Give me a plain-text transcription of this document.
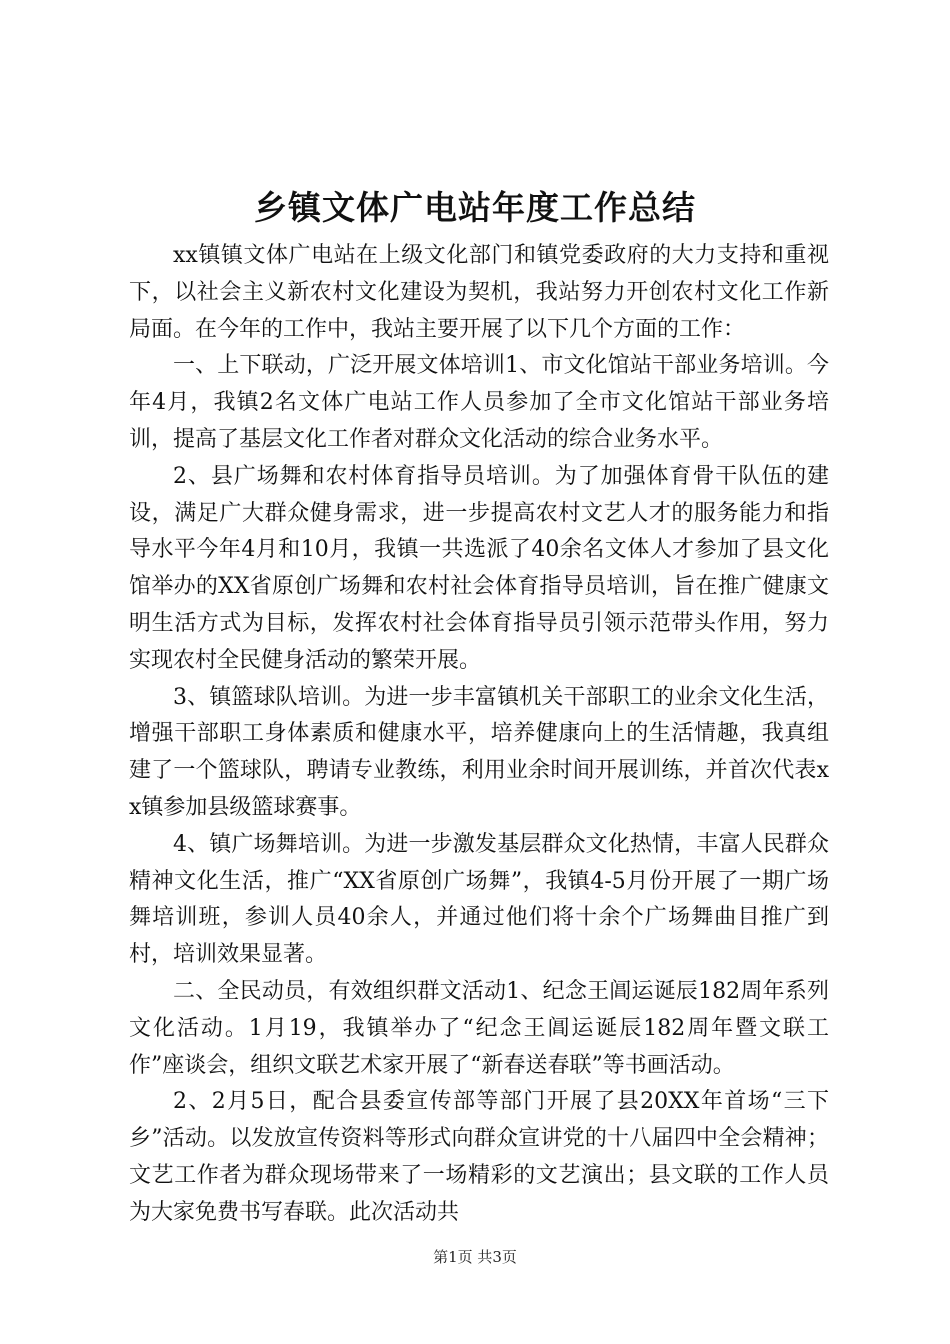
乡镇文体广电站年度工作总结

xx镇镇文体广电站在上级文化部门和镇党委政府的大力支持和重视下，以社会主义新农村文化建设为契机，我站努力开创农村文化工作新局面。在今年的工作中，我站主要开展了以下几个方面的工作：

一、上下联动，广泛开展文体培训1、市文化馆站干部业务培训。今年4月，我镇2名文体广电站工作人员参加了全市文化馆站干部业务培训，提高了基层文化工作者对群众文化活动的综合业务水平。

2、县广场舞和农村体育指导员培训。为了加强体育骨干队伍的建设，满足广大群众健身需求，进一步提高农村文艺人才的服务能力和指导水平今年4月和10月，我镇一共选派了40余名文体人才参加了县文化馆举办的XX省原创广场舞和农村社会体育指导员培训，旨在推广健康文明生活方式为目标，发挥农村社会体育指导员引领示范带头作用，努力实现农村全民健身活动的繁荣开展。

3、镇篮球队培训。为进一步丰富镇机关干部职工的业余文化生活，增强干部职工身体素质和健康水平，培养健康向上的生活情趣，我真组建了一个篮球队，聘请专业教练，利用业余时间开展训练，并首次代表xx镇参加县级篮球赛事。

4、镇广场舞培训。为进一步激发基层群众文化热情，丰富人民群众精神文化生活，推广“XX省原创广场舞”，我镇4-5月份开展了一期广场舞培训班，参训人员40余人，并通过他们将十余个广场舞曲目推广到村，培训效果显著。

二、全民动员，有效组织群文活动1、纪念王阊运诞辰182周年系列文化活动。1月19，我镇举办了“纪念王阊运诞辰182周年暨文联工作”座谈会，组织文联艺术家开展了“新春送春联”等书画活动。

2、2月5日，配合县委宣传部等部门开展了县20XX年首场“三下乡”活动。以发放宣传资料等形式向群众宣讲党的十八届四中全会精神；文艺工作者为群众现场带来了一场精彩的文艺演出；县文联的工作人员为大家免费书写春联。此次活动共

第1页 共3页
